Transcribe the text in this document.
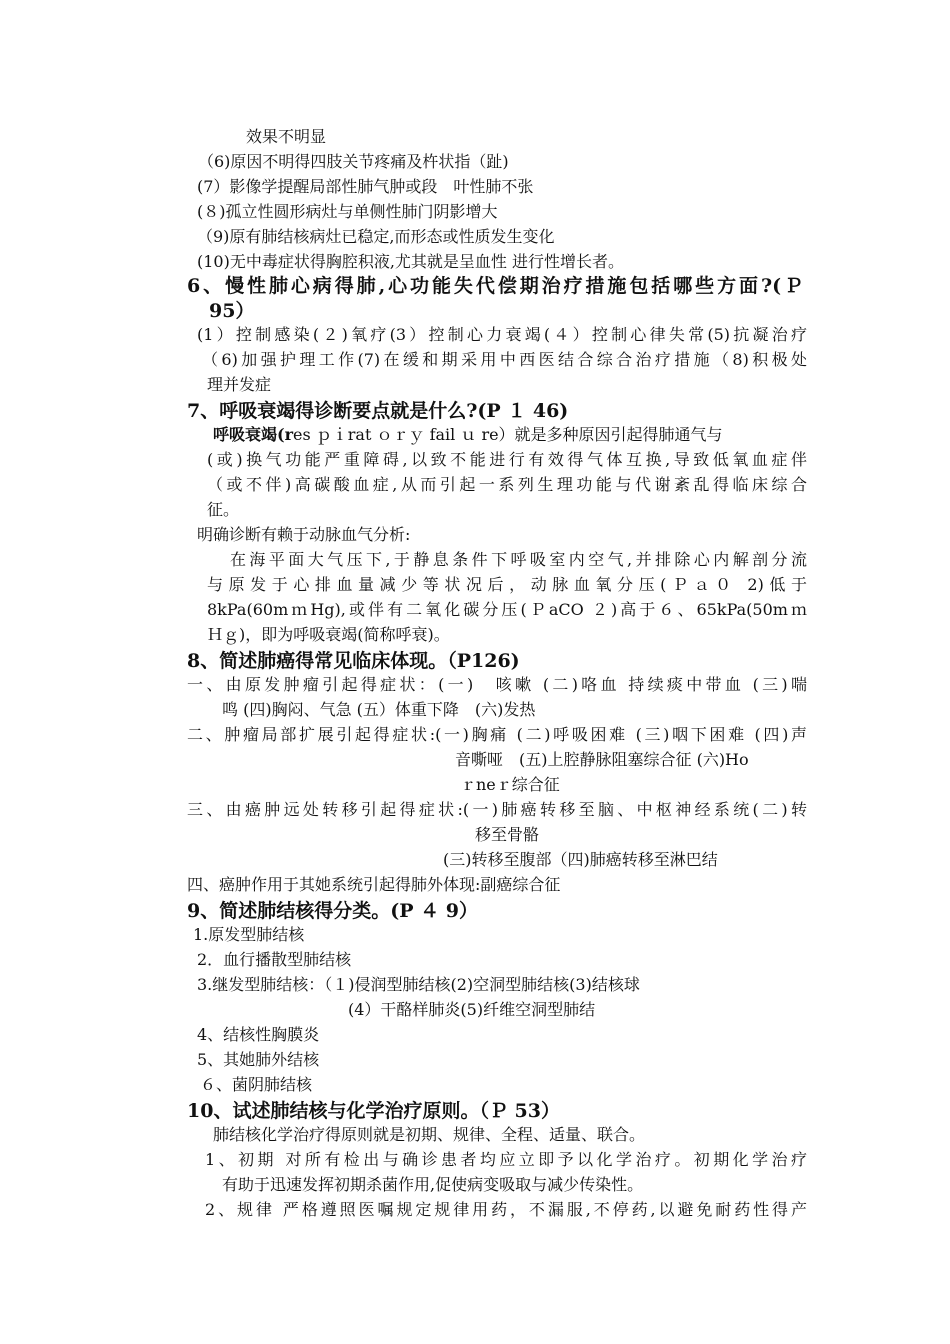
效果不明显
（6)原因不明得四肢关节疼痛及杵状指（趾)
(7）影像学提醒局部性肺气肿或段　叶性肺不张
(８)孤立性圆形病灶与单侧性肺门阴影增大
（9)原有肺结核病灶已稳定,而形态或性质发生变化
(10)无中毒症状得胸腔积液,尤其就是呈血性 进行性增长者。
6、慢性肺心病得肺,心功能失代偿期治疗措施包括哪些方面?(Ｐ
95）
(1）控制感染(２)氧疗(3）控制心力衰竭(４）控制心律失常(5)抗凝治疗
（6)加强护理工作(7)在缓和期采用中西医结合综合治疗措施（8)积极处
理并发症
7、呼吸衰竭得诊断要点就是什么?(P １ 46)
呼吸衰竭(res ｐｉrat ｏｒｙ fail ｕ re）就是多种原因引起得肺通气与
(或)换气功能严重障碍,以致不能进行有效得气体互换,导致低氧血症伴
（或不伴)高碳酸血症,从而引起一系列生理功能与代谢紊乱得临床综合
征。
明确诊断有赖于动脉血气分析:
在海平面大气压下,于静息条件下呼吸室内空气,并排除心内解剖分流
与原发于心排血量减少等状况后，动脉血氧分压(Ｐａ０ 2)低于
8kPa(60mｍHg),或伴有二氧化碳分压(ＰaCO ２)高于６、65kPa(50mｍ
Ｈｇ)，即为呼吸衰竭(简称呼衰)。
8、简述肺癌得常见临床体现。（P126)
一、由原发肿瘤引起得症状：(一)　咳嗽 (二)咯血 持续痰中带血 (三)喘
鸣 (四)胸闷、气急 (五）体重下降　(六)发热
二、肿瘤局部扩展引起得症状:(一)胸痛 (二)呼吸困难 (三)咽下困难 (四)声
音嘶哑　(五)上腔静脉阻塞综合征 (六)Ho
ｒneｒ综合征
三、由癌肿远处转移引起得症状:(一)肺癌转移至脑、中枢神经系统(二)转
移至骨骼
(三)转移至腹部（四)肺癌转移至淋巴结
四、癌肿作用于其她系统引起得肺外体现:副癌综合征
9、简述肺结核得分类。(P ４ 9）
1.原发型肺结核
2．血行播散型肺结核
3.继发型肺结核：（１)侵润型肺结核(2)空洞型肺结核(3)结核球
(4）干酪样肺炎(5)纤维空洞型肺结
4、结核性胸膜炎
5、其她肺外结核
６、菌阴肺结核
10、试述肺结核与化学治疗原则。（Ｐ 53）
肺结核化学治疗得原则就是初期、规律、全程、适量、联合。
1、初期 对所有检出与确诊患者均应立即予以化学治疗。初期化学治疗
有助于迅速发挥初期杀菌作用,促使病变吸取与减少传染性。
2、规律 严格遵照医嘱规定规律用药，不漏服,不停药,以避免耐药性得产
